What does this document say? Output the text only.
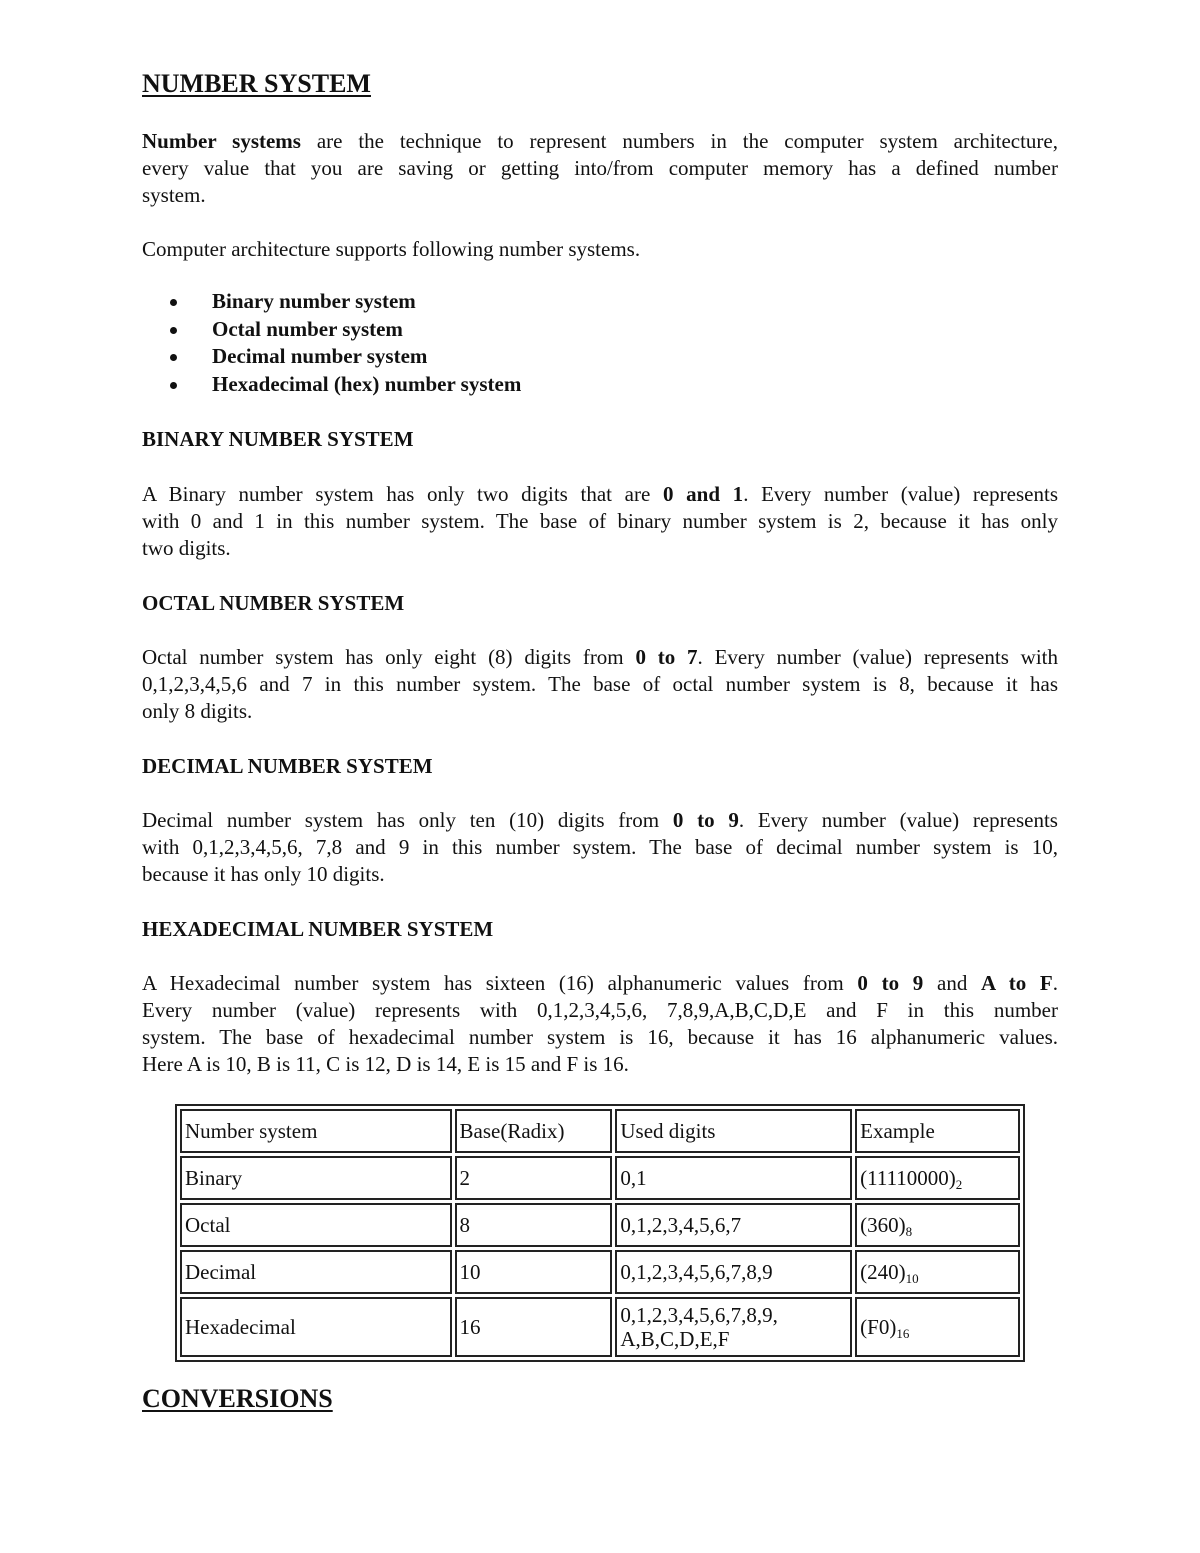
NUMBER SYSTEM
Number systems are the technique to represent numbers in the computer system architecture,
every value that you are saving or getting into/from computer memory has a defined number
system.
Computer architecture supports following number systems.
Binary number system
Octal number system
Decimal number system
Hexadecimal (hex) number system
BINARY NUMBER SYSTEM
A Binary number system has only two digits that are 0 and 1. Every number (value) represents
with 0 and 1 in this number system. The base of binary number system is 2, because it has only
two digits.
OCTAL NUMBER SYSTEM
Octal number system has only eight (8) digits from 0 to 7. Every number (value) represents with
0,1,2,3,4,5,6 and 7 in this number system. The base of octal number system is 8, because it has
only 8 digits.
DECIMAL NUMBER SYSTEM
Decimal number system has only ten (10) digits from 0 to 9. Every number (value) represents
with 0,1,2,3,4,5,6, 7,8 and 9 in this number system. The base of decimal number system is 10,
because it has only 10 digits.
HEXADECIMAL NUMBER SYSTEM
A Hexadecimal number system has sixteen (16) alphanumeric values from 0 to 9 and A to F.
Every number (value) represents with 0,1,2,3,4,5,6, 7,8,9,A,B,C,D,E and F in this number
system. The base of hexadecimal number system is 16, because it has 16 alphanumeric values.
Here A is 10, B is 11, C is 12, D is 14, E is 15 and F is 16.
Number system	Base(Radix)	Used digits	Example
Binary	2	0,1	$(11110000)_2$
Octal	8	0,1,2,3,4,5,6,7	$(360)_8$
Decimal	10	0,1,2,3,4,5,6,7,8,9	$(240)_{10}$
Hexadecimal	16	0,1,2,3,4,5,6,7,8,9,
A,B,C,D,E,F	$(F0)_{16}$
CONVERSIONS
